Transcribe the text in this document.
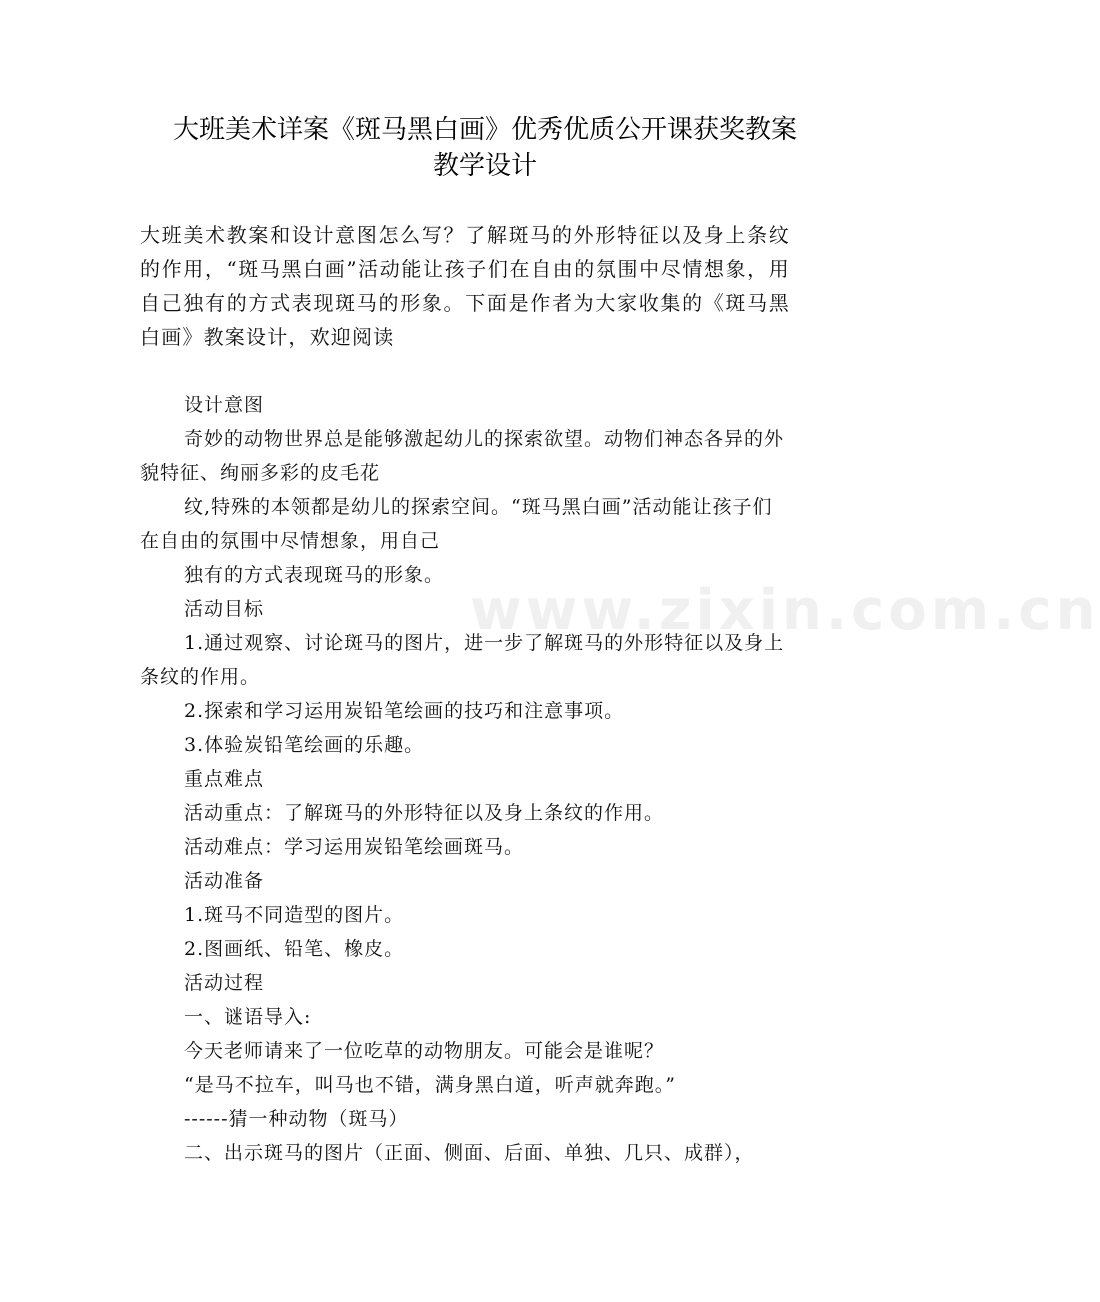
大班美术详案《斑马黑白画》优秀优质公开课获奖教案
教学设计

大班美术教案和设计意图怎么写？了解斑马的外形特征以及身上条纹的作用，“斑马黑白画”活动能让孩子们在自由的氛围中尽情想象，用自己独有的方式表现斑马的形象。下面是作者为大家收集的《斑马黑白画》教案设计，欢迎阅读

www.zixin.com.cn

设计意图

奇妙的动物世界总是能够激起幼儿的探索欲望。动物们神态各异的外貌特征、绚丽多彩的皮毛花

纹,特殊的本领都是幼儿的探索空间。“斑马黑白画”活动能让孩子们在自由的氛围中尽情想象，用自己

独有的方式表现斑马的形象。

活动目标

1.通过观察、讨论斑马的图片，进一步了解斑马的外形特征以及身上条纹的作用。

2.探索和学习运用炭铅笔绘画的技巧和注意事项。

3.体验炭铅笔绘画的乐趣。

重点难点

活动重点：了解斑马的外形特征以及身上条纹的作用。

活动难点：学习运用炭铅笔绘画斑马。

活动准备

1.斑马不同造型的图片。

2.图画纸、铅笔、橡皮。

活动过程

一、谜语导入:

今天老师请来了一位吃草的动物朋友。可能会是谁呢？

“是马不拉车，叫马也不错，满身黑白道，听声就奔跑。”

------猜一种动物（斑马）

二、出示斑马的图片（正面、侧面、后面、单独、几只、成群），
